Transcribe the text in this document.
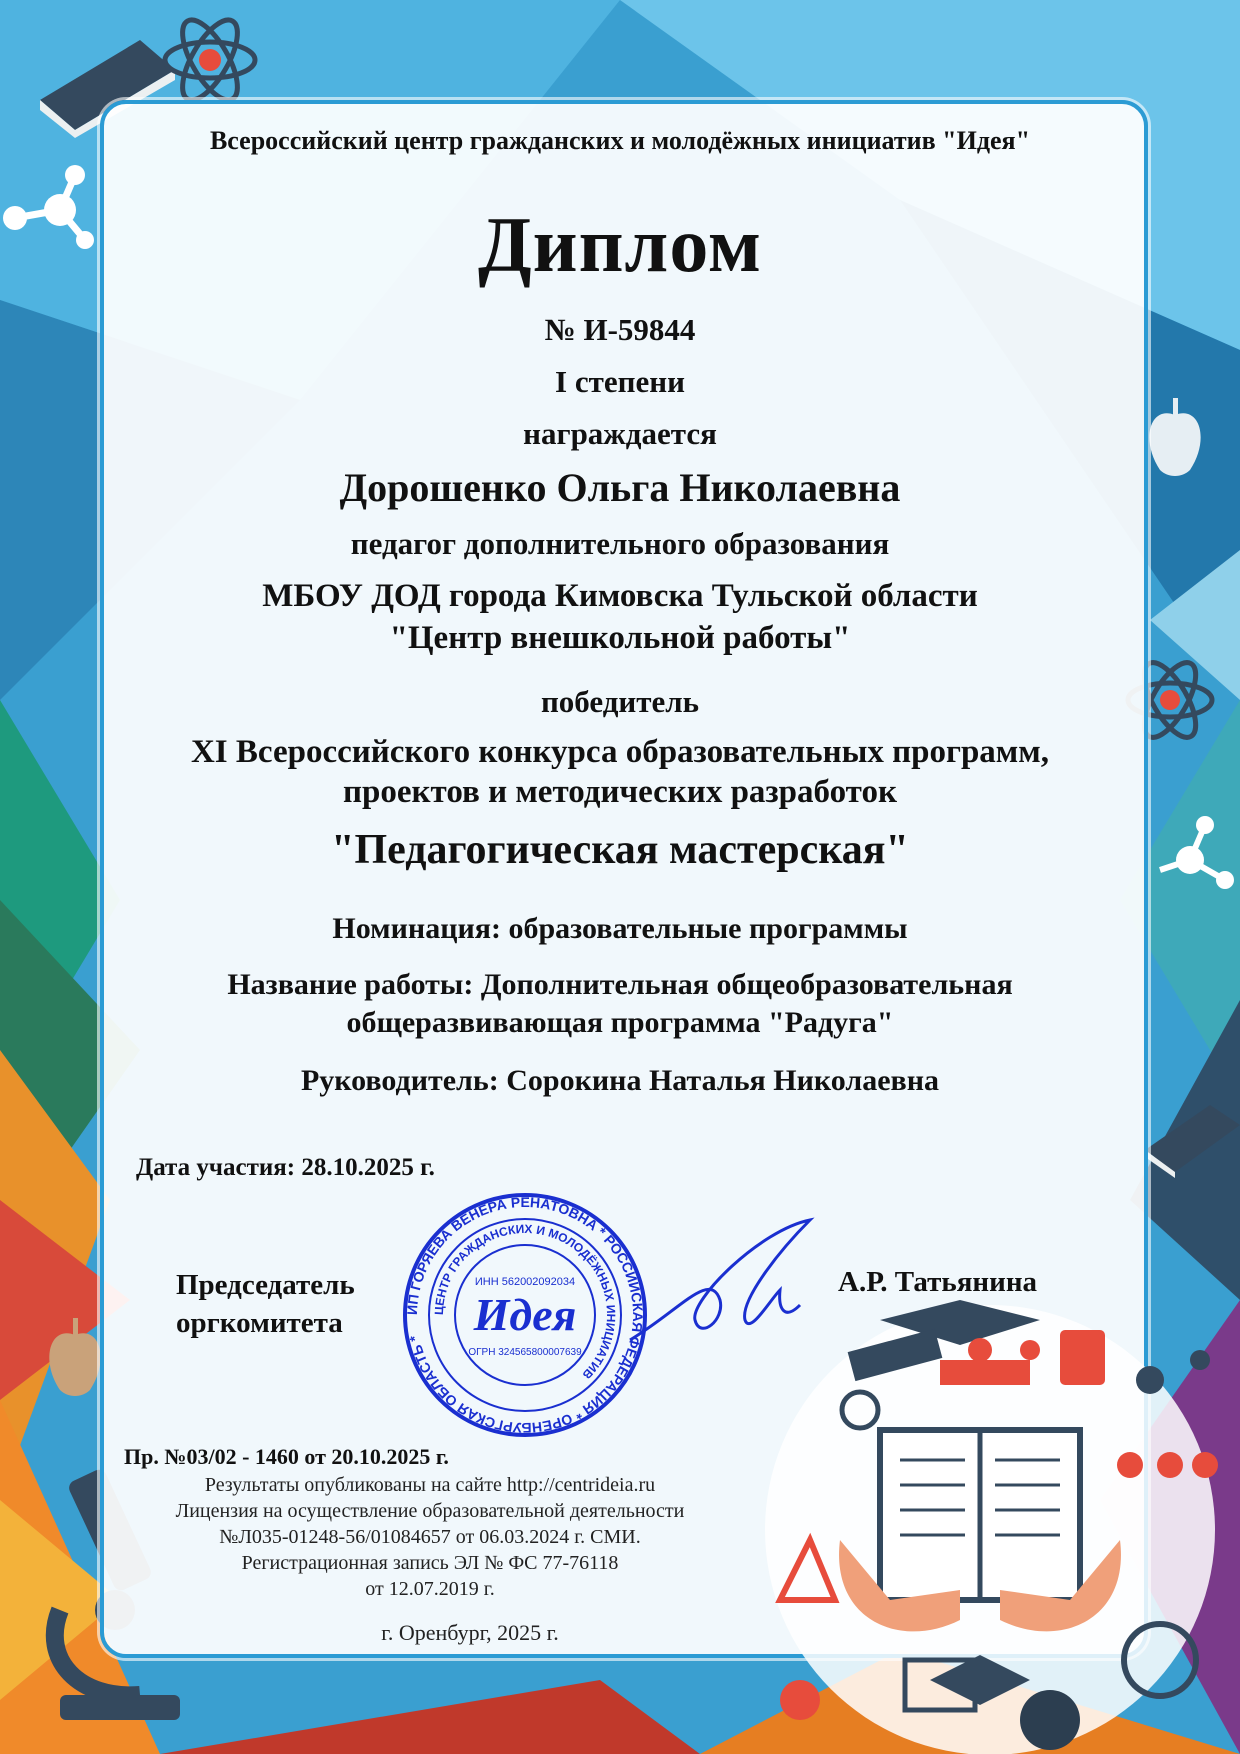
Всероссийский центр гражданских и молодёжных инициатив "Идея"
Диплом
№ И-59844
I степени
награждается
Дорошенко Ольга Николаевна
педагог дополнительного образования
МБОУ ДОД города Кимовска Тульской области
"Центр внешкольной работы"
победитель
XI Всероссийского конкурса образовательных программ,
проектов и методических разработок
"Педагогическая мастерская"
Номинация: образовательные программы
Название работы: Дополнительная общеобразовательная
общеразвивающая программа "Радуга"
Руководитель: Сорокина Наталья Николаевна
Дата участия: 28.10.2025 г.
Председатель
оргкомитета
А.Р. Татьянина
ИП ГОРЯЕВА ВЕНЕРА РЕНАТОВНА * РОССИЙСКАЯ ФЕДЕРАЦИЯ * ОРЕНБУРГСКАЯ ОБЛАСТЬ *
ЦЕНТР ГРАЖДАНСКИХ И МОЛОДЁЖНЫХ ИНИЦИАТИВ
ИНН 562002092034
Идея
ОГРН 324565800007639
Пр. №03/02 - 1460 от 20.10.2025 г.
Результаты опубликованы на сайте http://centrideia.ru
Лицензия на осуществление образовательной деятельности
№Л035-01248-56/01084657 от 06.03.2024 г. СМИ.
Регистрационная запись ЭЛ № ФС 77-76118
от 12.07.2019 г.
г. Оренбург, 2025 г.
